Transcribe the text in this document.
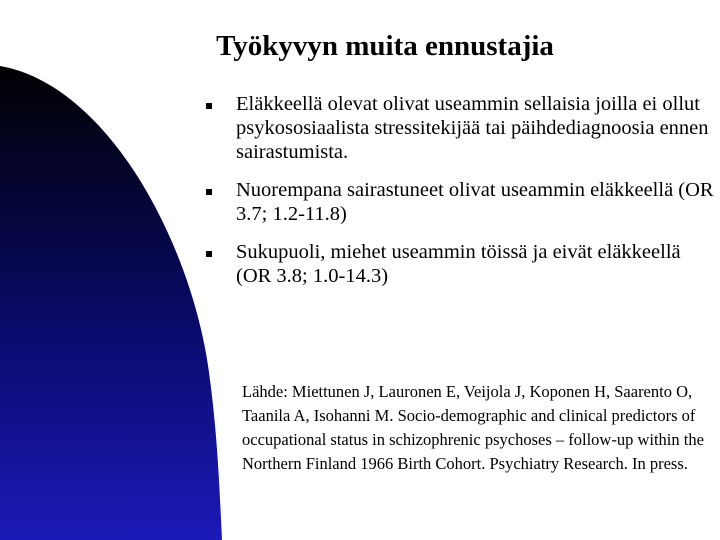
Työkyvyn muita ennustajia
Eläkkeellä olevat olivat useammin sellaisia joilla ei ollut psykososiaalista stressitekijää tai päihdediagnoosia ennen sairastumista.
Nuorempana sairastuneet olivat useammin eläkkeellä (OR 3.7; 1.2-11.8)
Sukupuoli, miehet useammin töissä ja eivät eläkkeellä (OR 3.8; 1.0-14.3)

Lähde: Miettunen J, Lauronen E, Veijola J, Koponen H, Saarento O, Taanila A, Isohanni M. Socio-demographic and clinical predictors of occupational status in schizophrenic psychoses – follow-up within the Northern Finland 1966 Birth Cohort. Psychiatry Research. In press.
